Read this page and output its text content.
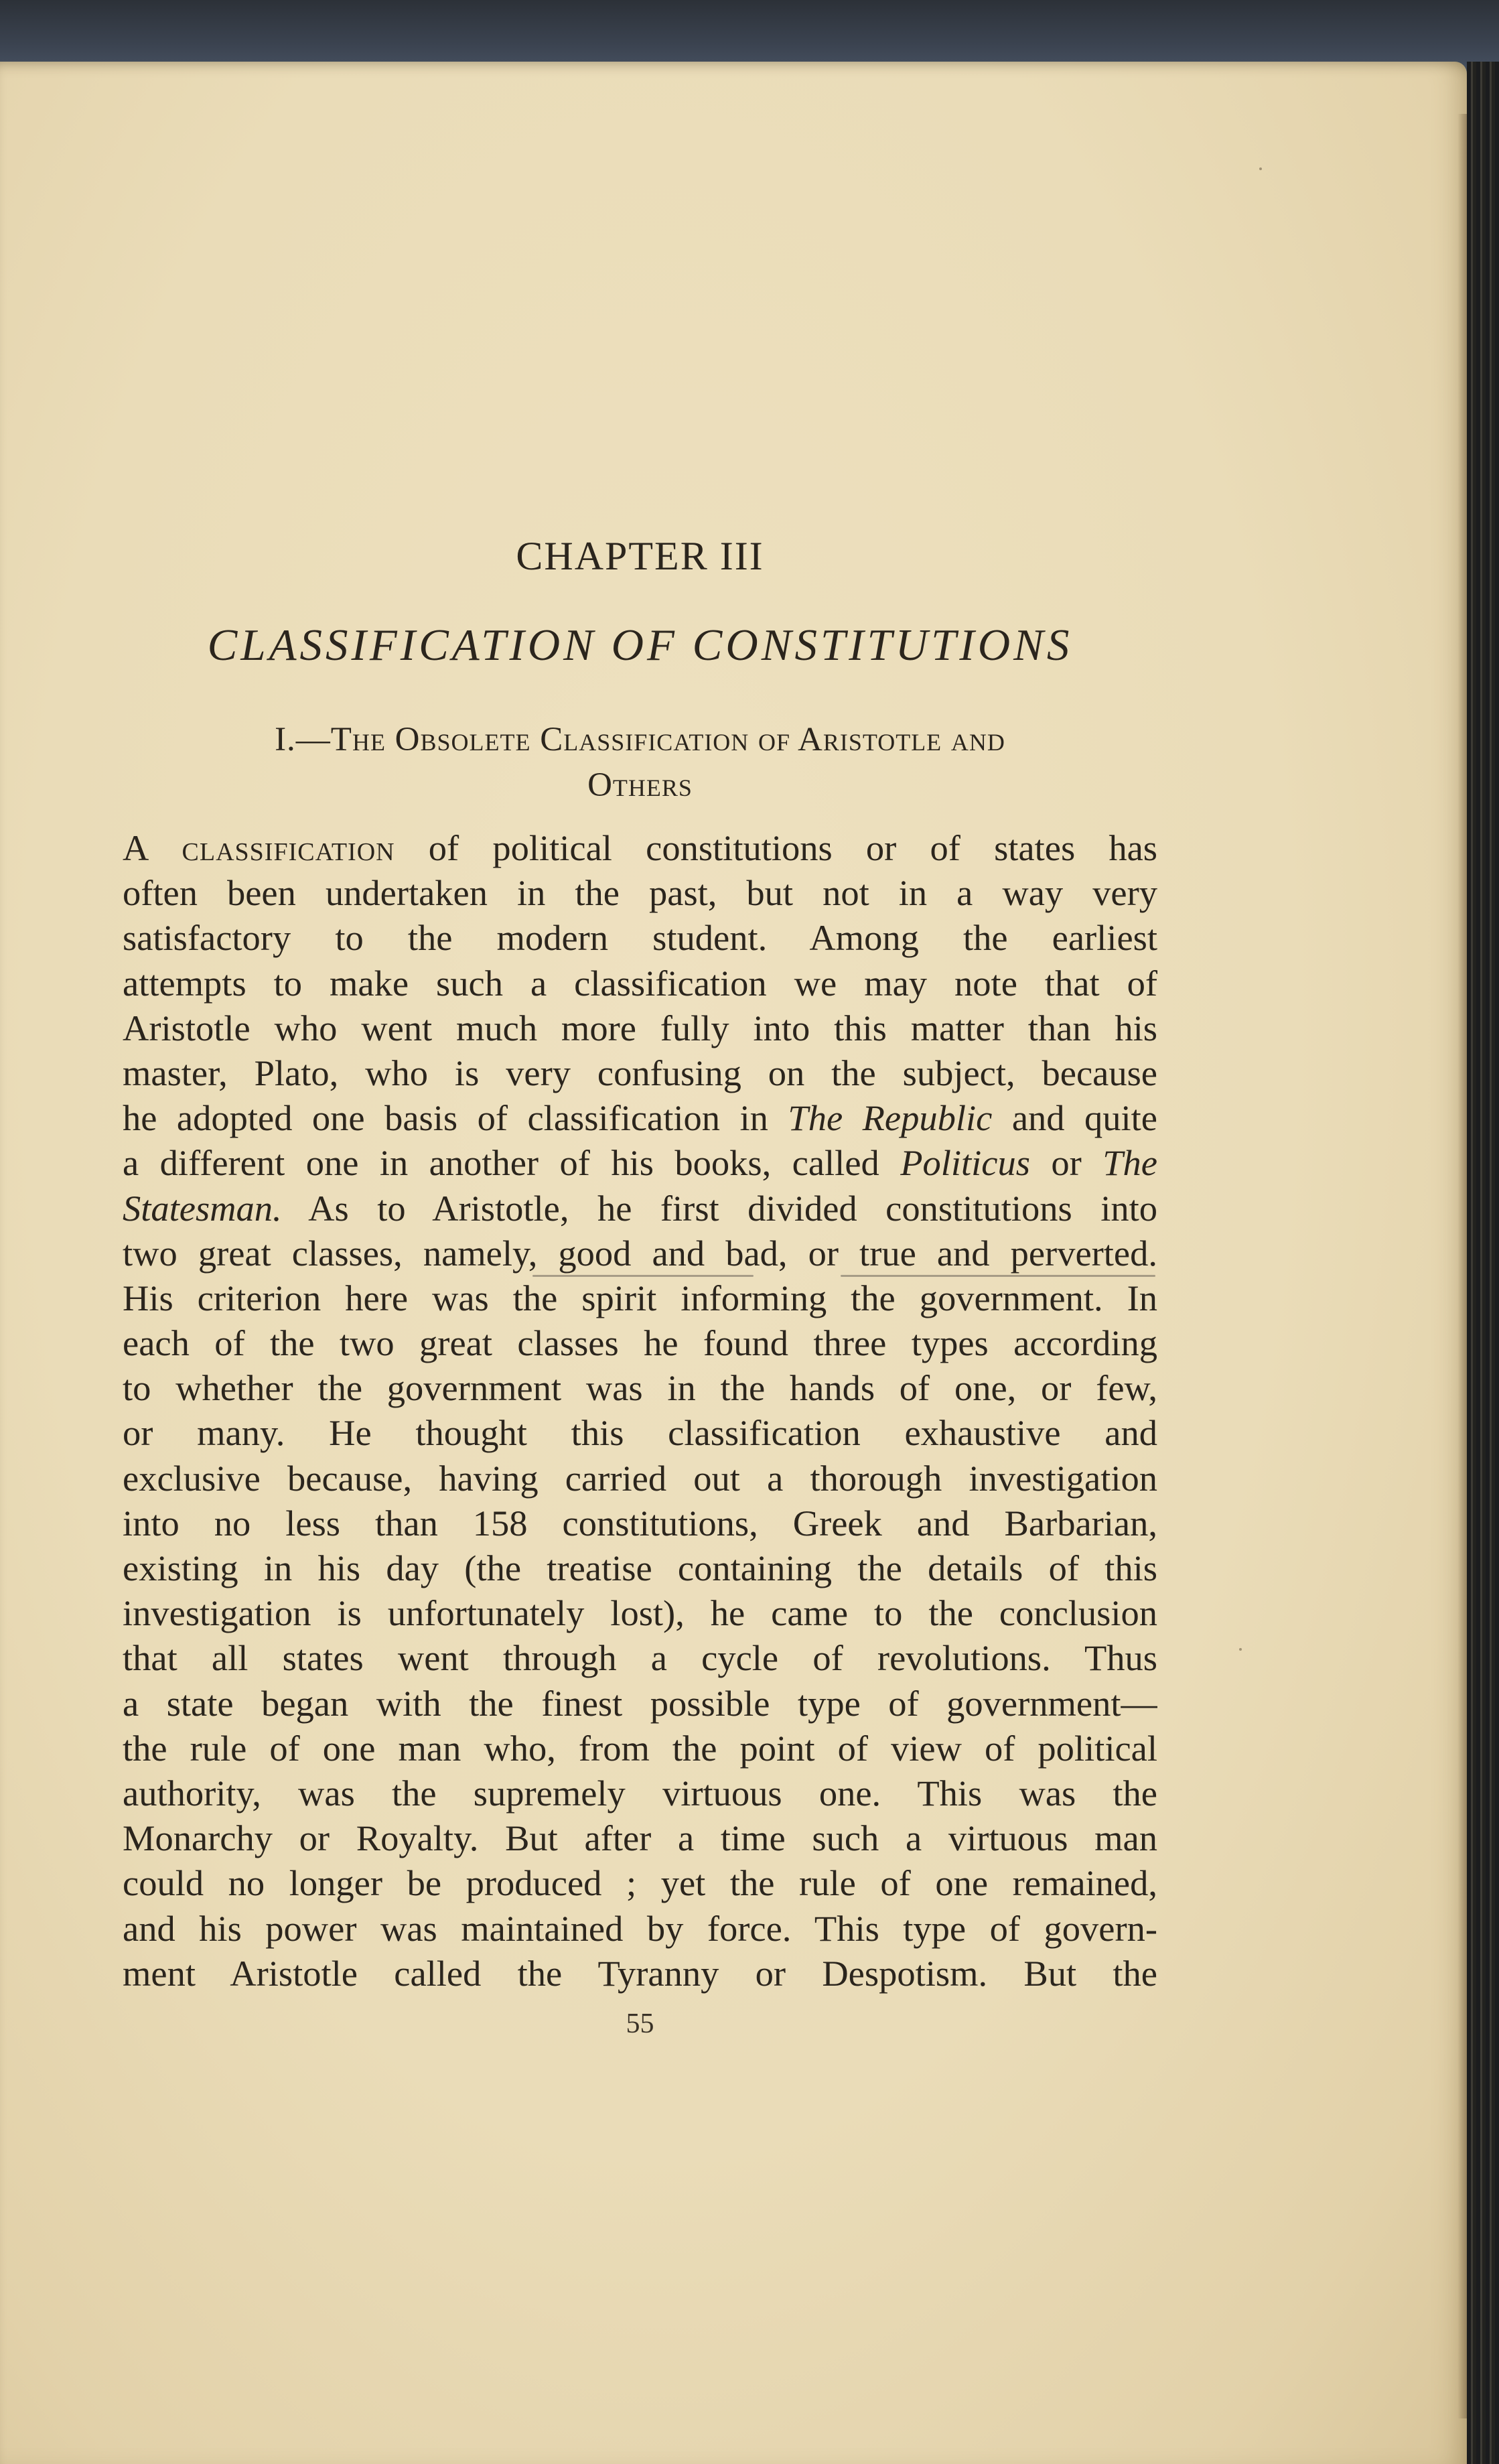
CHAPTER III
CLASSIFICATION OF CONSTITUTIONS
I.—The Obsolete Classification of Aristotle and
Others
A classification of political constitutions or of states has
often been undertaken in the past, but not in a way very
satisfactory to the modern student. Among the earliest
attempts to make such a classification we may note that of
Aristotle who went much more fully into this matter than his
master, Plato, who is very confusing on the subject, because
he adopted one basis of classification in The Republic and quite
a different one in another of his books, called Politicus or The
Statesman. As to Aristotle, he first divided constitutions into
two great classes, namely, good and bad, or true and perverted.
His criterion here was the spirit informing the government. In
each of the two great classes he found three types according
to whether the government was in the hands of one, or few,
or many. He thought this classification exhaustive and
exclusive because, having carried out a thorough investigation
into no less than 158 constitutions, Greek and Barbarian,
existing in his day (the treatise containing the details of this
investigation is unfortunately lost), he came to the conclusion
that all states went through a cycle of revolutions. Thus
a state began with the finest possible type of government—
the rule of one man who, from the point of view of political
authority, was the supremely virtuous one. This was the
Monarchy or Royalty. But after a time such a virtuous man
could no longer be produced ; yet the rule of one remained,
and his power was maintained by force. This type of govern-
ment Aristotle called the Tyranny or Despotism. But the
55
